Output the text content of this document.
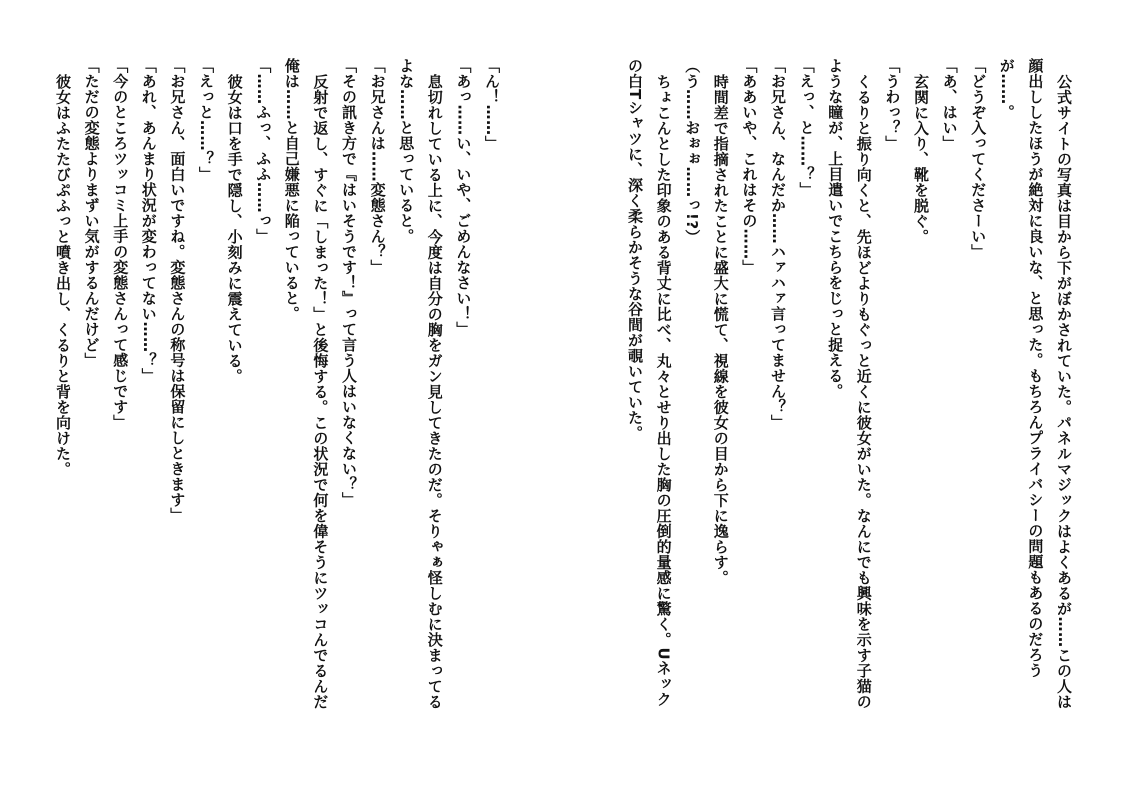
公式サイトの写真は目から下がぼかされていた。パネルマジックはよくあるが……この人は
顔出ししたほうが絶対に良いな、と思った。もちろんプライバシーの問題もあるのだろう
が……。
「どうぞ入ってくださーい」
「あ、はい」
玄関に入り、靴を脱ぐ。
「うわっ？」
くるりと振り向くと、先ほどよりもぐっと近くに彼女がいた。なんにでも興味を示す子猫の
ような瞳が、上目遣いでこちらをじっと捉える。
「えっ、と……？」
「お兄さん、なんだか……ハァハァ言ってません？」
「ああいや、これはその……」
時間差で指摘されたことに盛大に慌て、視線を彼女の目から下に逸らす。
（う……おぉぉ……っ!?）
ちょこんとした印象のある背丈に比べ、丸々とせり出した胸の圧倒的量感に驚く。Uネック
の白Tシャツに、深く柔らかそうな谷間が覗いていた。
「ん！……」
「あっ……い、いや、ごめんなさい！」
息切れしている上に、今度は自分の胸をガン見してきたのだ。そりゃぁ怪しむに決まってる
よな……と思っていると。
「お兄さんは……変態さん？」
「その訊き方で『はいそうです！』って言う人はいなくない？」
反射で返し、すぐに「しまった！」と後悔する。この状況で何を偉そうにツッコんでるんだ
俺は……と自己嫌悪に陥っていると。
「……ふっ、ふふ……っ」
彼女は口を手で隠し、小刻みに震えている。
「えっと……？」
「お兄さん、面白いですね。変態さんの称号は保留にしときます」
「あれ、あんまり状況が変わってない……？」
「今のところツッコミ上手の変態さんって感じです」
「ただの変態よりまずい気がするんだけど」
彼女はふたたびぷふっと噴き出し、くるりと背を向けた。
